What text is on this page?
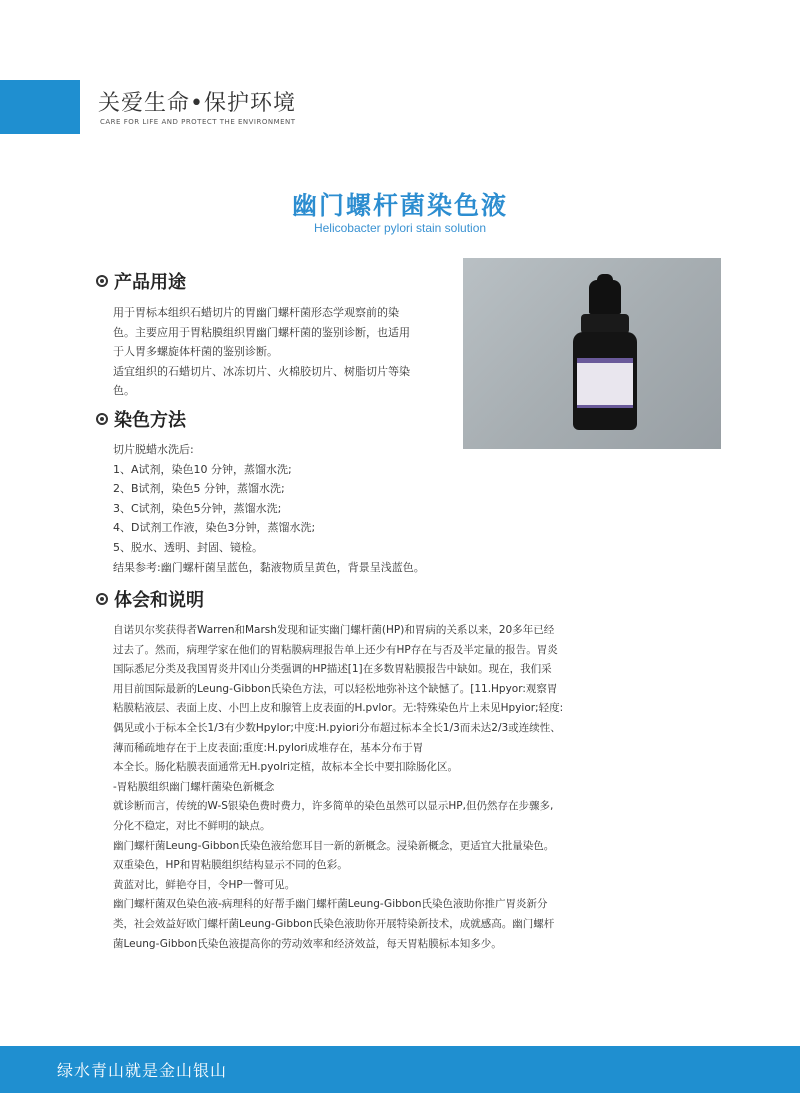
关爱生命•保护环境
CARE FOR LIFE AND PROTECT THE ENVIRONMENT
幽门螺杆菌染色液
Helicobacter pylori stain solution
产品用途

用于胃标本组织石蜡切片的胃幽门螺杆菌形态学观察前的染

色。主要应用于胃粘膜组织胃幽门螺杆菌的鉴别诊断，也适用

于人胃多螺旋体杆菌的鉴别诊断。

适宜组织的石蜡切片、冰冻切片、火棉胶切片、树脂切片等染

色。

染色方法

切片脱蜡水洗后:

1、A试剂，染色10 分钟，蒸馏水洗;

2、B试剂，染色5 分钟，蒸馏水洗;

3、C试剂，染色5分钟，蒸馏水洗;

4、D试剂工作液，染色3分钟，蒸馏水洗;

5、脱水、透明、封固、镜检。

结果参考:幽门螺杆菌呈蓝色，黏液物质呈黄色，背景呈浅蓝色。

体会和说明

自诺贝尔奖获得者Warren和Marsh发现和证实幽门螺杆菌(HP)和胃病的关系以来，20多年已经

过去了。然而，病理学家在他们的胃粘膜病理报告单上还少有HP存在与否及半定量的报告。胃炎

国际悉尼分类及我国胃炎井冈山分类强调的HP描述[1]在多数胃粘膜报告中缺如。现在，我们采

用目前国际最新的Leung-Gibbon氏染色方法，可以轻松地弥补这个缺憾了。[11.Hpyor:观察胃

粘膜粘液层、表面上皮、小凹上皮和腺管上皮表面的H.pvlor。无:特殊染色片上未见Hpyior;轻度:

偶见或小于标本全长1/3有少数Hpylor;中度:H.pyiori分布超过标本全长1/3而未达2/3或连续性、

薄而稀疏地存在于上皮表面;重度:H.pylori成堆存在，基本分布于胃

本全长。肠化粘膜表面通常无H.pyolri定植，故标本全长中要扣除肠化区。

-胃粘膜组织幽门螺杆菌染色新概念

就诊断而言，传统的W-S银染色费时费力，许多简单的染色虽然可以显示HP,但仍然存在步骤多,

分化不稳定，对比不鲜明的缺点。

幽门螺杆菌Leung-Gibbon氏染色液给您耳目一新的新概念。浸染新概念，更适宜大批量染色。

双重染色，HP和胃粘膜组织结构显示不同的色彩。

黄蓝对比，鲜艳夺目，令HP一瞥可见。

幽门螺杆菌双色染色液-病理科的好帮手幽门螺杆菌Leung-Gibbon氏染色液助你推广胃炎新分

类，社会效益好欧门螺杆菌Leung-Gibbon氏染色液助你开展特染新技术，成就感高。幽门螺杆

菌Leung-Gibbon氏染色液提高你的劳动效率和经济效益，每天胃粘膜标本知多少。

绿水青山就是金山银山
